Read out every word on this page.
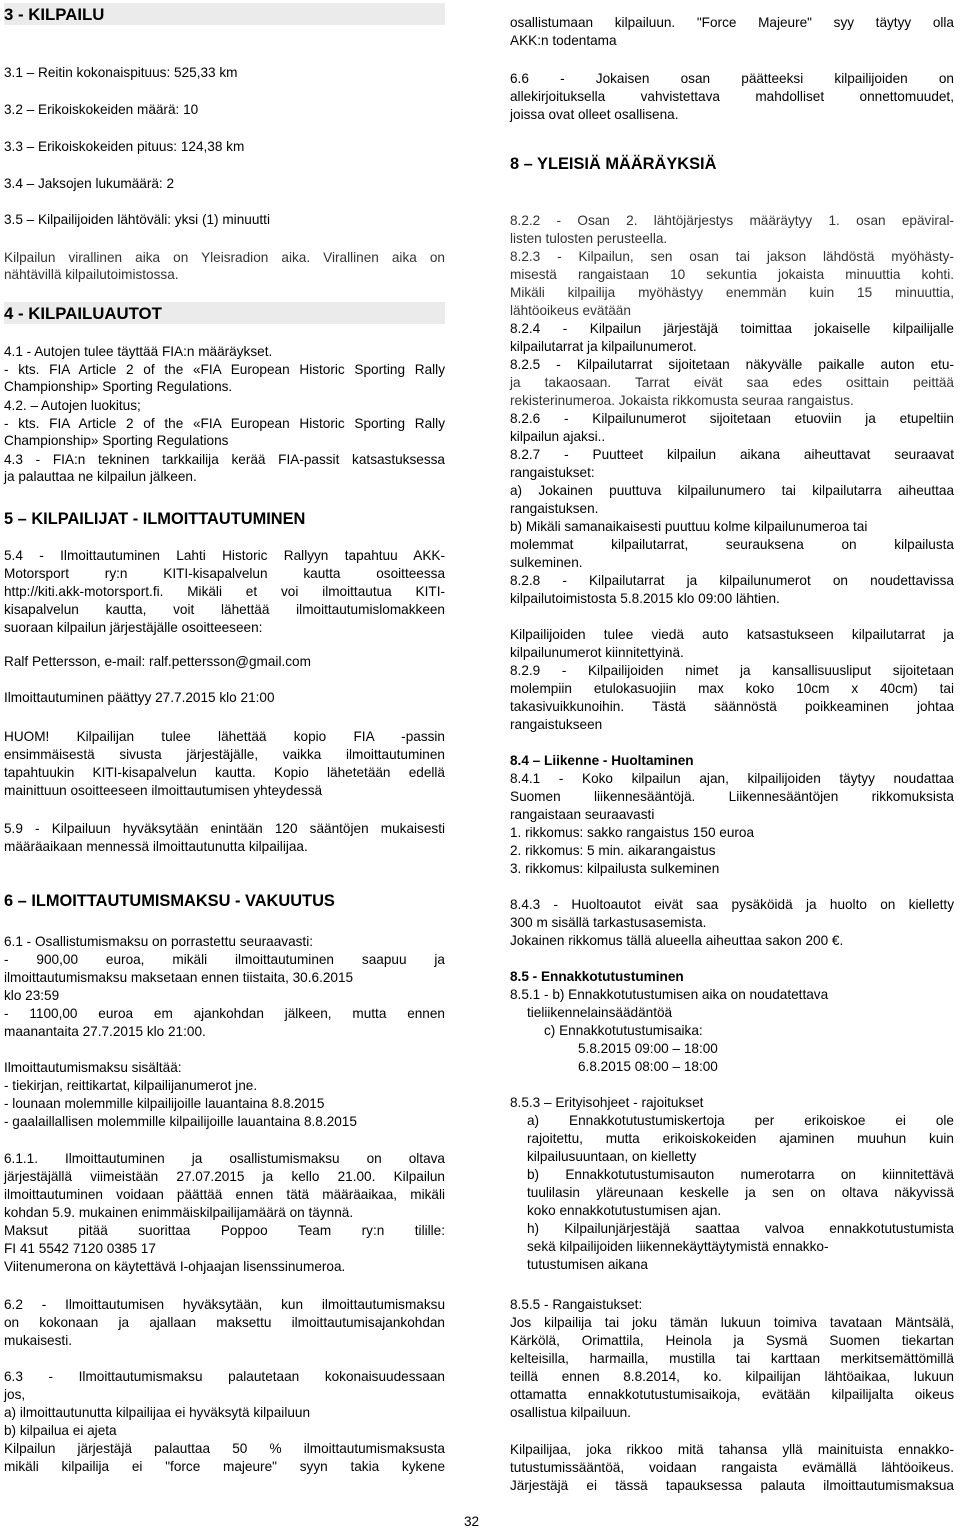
3 - KILPAILU
3.1 – Reitin kokonaispituus: 525,33 km
3.2 – Erikoiskokeiden määrä: 10
3.3 – Erikoiskokeiden pituus: 124,38 km
3.4 – Jaksojen lukumäärä: 2
3.5 – Kilpailijoiden lähtöväli: yksi (1) minuutti
Kilpailun virallinen aika on Yleisradion aika. Virallinen aika on
nähtävillä kilpailutoimistossa.
4 - KILPAILUAUTOT
4.1 - Autojen tulee täyttää FIA:n määräykset.
- kts. FIA Article 2 of the «FIA European Historic Sporting Rally
Championship» Sporting Regulations.
4.2. – Autojen luokitus;
- kts. FIA Article 2 of the «FIA European Historic Sporting Rally
Championship» Sporting Regulations
4.3 - FIA:n tekninen tarkkailija kerää FIA-passit katsastuksessa
ja palauttaa ne kilpailun jälkeen.
5 – KILPAILIJAT - ILMOITTAUTUMINEN
5.4 - Ilmoittautuminen Lahti Historic Rallyyn tapahtuu AKK-
Motorsport ry:n KITI-kisapalvelun kautta osoitteessa
http://kiti.akk-motorsport.fi. Mikäli et voi ilmoittautua KITI-
kisapalvelun kautta, voit lähettää ilmoittautumislomakkeen
suoraan kilpailun järjestäjälle osoitteeseen:
Ralf Pettersson, e-mail: ralf.pettersson@gmail.com
Ilmoittautuminen päättyy 27.7.2015 klo 21:00
HUOM! Kilpailijan tulee lähettää kopio FIA -passin
ensimmäisestä sivusta järjestäjälle, vaikka ilmoittautuminen
tapahtuukin KITI-kisapalvelun kautta. Kopio lähetetään edellä
mainittuun osoitteeseen ilmoittautumisen yhteydessä
5.9 - Kilpailuun hyväksytään enintään 120 sääntöjen mukaisesti
määräaikaan mennessä ilmoittautunutta kilpailijaa.
6 – ILMOITTAUTUMISMAKSU - VAKUUTUS
6.1 - Osallistumismaksu on porrastettu seuraavasti:
- 900,00 euroa, mikäli ilmoittautuminen saapuu ja
ilmoittautumismaksu maksetaan ennen tiistaita, 30.6.2015
klo 23:59
- 1100,00 euroa em ajankohdan jälkeen, mutta ennen
maanantaita 27.7.2015 klo 21:00.
Ilmoittautumismaksu sisältää:
- tiekirjan, reittikartat, kilpailijanumerot jne.
- lounaan molemmille kilpailijoille lauantaina 8.8.2015
- gaalaillallisen molemmille kilpailijoille lauantaina 8.8.2015
6.1.1. Ilmoittautuminen ja osallistumismaksu on oltava
järjestäjällä viimeistään 27.07.2015 ja kello 21.00. Kilpailun
ilmoittautuminen voidaan päättää ennen tätä määräaikaa, mikäli
kohdan 5.9. mukainen enimmäiskilpailijamäärä on täynnä.
Maksut pitää suorittaa Poppoo Team ry:n tilille:
FI 41 5542 7120 0385 17
Viitenumerona on käytettävä I-ohjaajan lisenssinumeroa.
6.2 - Ilmoittautumisen hyväksytään, kun ilmoittautumismaksu
on kokonaan ja ajallaan maksettu ilmoittautumisajankohdan
mukaisesti.
6.3 - Ilmoittautumismaksu palautetaan kokonaisuudessaan
jos,
a) ilmoittautunutta kilpailijaa ei hyväksytä kilpailuun
b) kilpailua ei ajeta
Kilpailun järjestäjä palauttaa 50 % ilmoittautumismaksusta
mikäli kilpailija ei "force majeure" syyn takia kykene
osallistumaan kilpailuun. "Force Majeure" syy täytyy olla
AKK:n todentama
6.6 - Jokaisen osan päätteeksi kilpailijoiden on
allekirjoituksella vahvistettava mahdolliset onnettomuudet,
joissa ovat olleet osallisena.
8 – YLEISIÄ MÄÄRÄYKSIÄ
8.2.2 - Osan 2. lähtöjärjestys määräytyy 1. osan epäviral-
listen tulosten perusteella.
8.2.3 - Kilpailun, sen osan tai jakson lähdöstä myöhästy-
misestä rangaistaan 10 sekuntia jokaista minuuttia kohti.
Mikäli kilpailija myöhästyy enemmän kuin 15 minuuttia,
lähtöoikeus evätään
8.2.4 - Kilpailun järjestäjä toimittaa jokaiselle kilpailijalle
kilpailutarrat ja kilpailunumerot.
8.2.5 - Kilpailutarrat sijoitetaan näkyvälle paikalle auton etu-
ja takaosaan. Tarrat eivät saa edes osittain peittää
rekisterinumeroa. Jokaista rikkomusta seuraa rangaistus.
8.2.6 - Kilpailunumerot sijoitetaan etuoviin ja etupeltiin
kilpailun ajaksi..
8.2.7 - Puutteet kilpailun aikana aiheuttavat seuraavat
rangaistukset:
a) Jokainen puuttuva kilpailunumero tai kilpailutarra aiheuttaa
rangaistuksen.
b) Mikäli samanaikaisesti puuttuu kolme kilpailunumeroa tai
molemmat kilpailutarrat, seurauksena on kilpailusta
sulkeminen.
8.2.8 - Kilpailutarrat ja kilpailunumerot on noudettavissa
kilpailutoimistosta 5.8.2015 klo 09:00 lähtien.
Kilpailijoiden tulee viedä auto katsastukseen kilpailutarrat ja
kilpailunumerot kiinnitettyinä.
8.2.9 - Kilpailijoiden nimet ja kansallisuusliput sijoitetaan
molempiin etulokasuojiin max koko 10cm x 40cm) tai
takasivuikkunoihin. Tästä säännöstä poikkeaminen johtaa
rangaistukseen
8.4 – Liikenne - Huoltaminen
8.4.1 - Koko kilpailun ajan, kilpailijoiden täytyy noudattaa
Suomen liikennesääntöjä. Liikennesääntöjen rikkomuksista
rangaistaan seuraavasti
1. rikkomus: sakko rangaistus 150 euroa
2. rikkomus: 5 min. aikarangaistus
3. rikkomus: kilpailusta sulkeminen
8.4.3 - Huoltoautot eivät saa pysäköidä ja huolto on kielletty
300 m sisällä tarkastusasemista.
Jokainen rikkomus tällä alueella aiheuttaa sakon 200 €.
8.5 - Ennakkotutustuminen
8.5.1 - b) Ennakkotutustumisen aika on noudatettava
tieliikennelainsäädäntöä
c) Ennakkotutustumisaika:
5.8.2015 09:00 – 18:00
6.8.2015 08:00 – 18:00
8.5.3 – Erityisohjeet - rajoitukset
a) Ennakkotutustumiskertoja per erikoiskoe ei ole
rajoitettu, mutta erikoiskokeiden ajaminen muuhun kuin
kilpailusuuntaan, on kielletty
b) Ennakkotutustumisauton numerotarra on kiinnitettävä
tuulilasin yläreunaan keskelle ja sen on oltava näkyvissä
koko ennakkotutustumisen ajan.
h) Kilpailunjärjestäjä saattaa valvoa ennakkotutustumista
sekä kilpailijoiden liikennekäyttäytymistä ennakko-
tutustumisen aikana
8.5.5 - Rangaistukset:
Jos kilpailija tai joku tämän lukuun toimiva tavataan Mäntsälä,
Kärkölä, Orimattila, Heinola ja Sysmä Suomen tiekartan
kelteisilla, harmailla, mustilla tai karttaan merkitsemättömillä
teillä ennen 8.8.2014, ko. kilpailijan lähtöaikaa, lukuun
ottamatta ennakkotutustumisaikoja, evätään kilpailijalta oikeus
osallistua kilpailuun.
Kilpailijaa, joka rikkoo mitä tahansa yllä mainituista ennakko-
tutustumissääntöä, voidaan rangaista evämällä lähtöoikeus.
Järjestäjä ei tässä tapauksessa palauta ilmoittautumismaksua
32
